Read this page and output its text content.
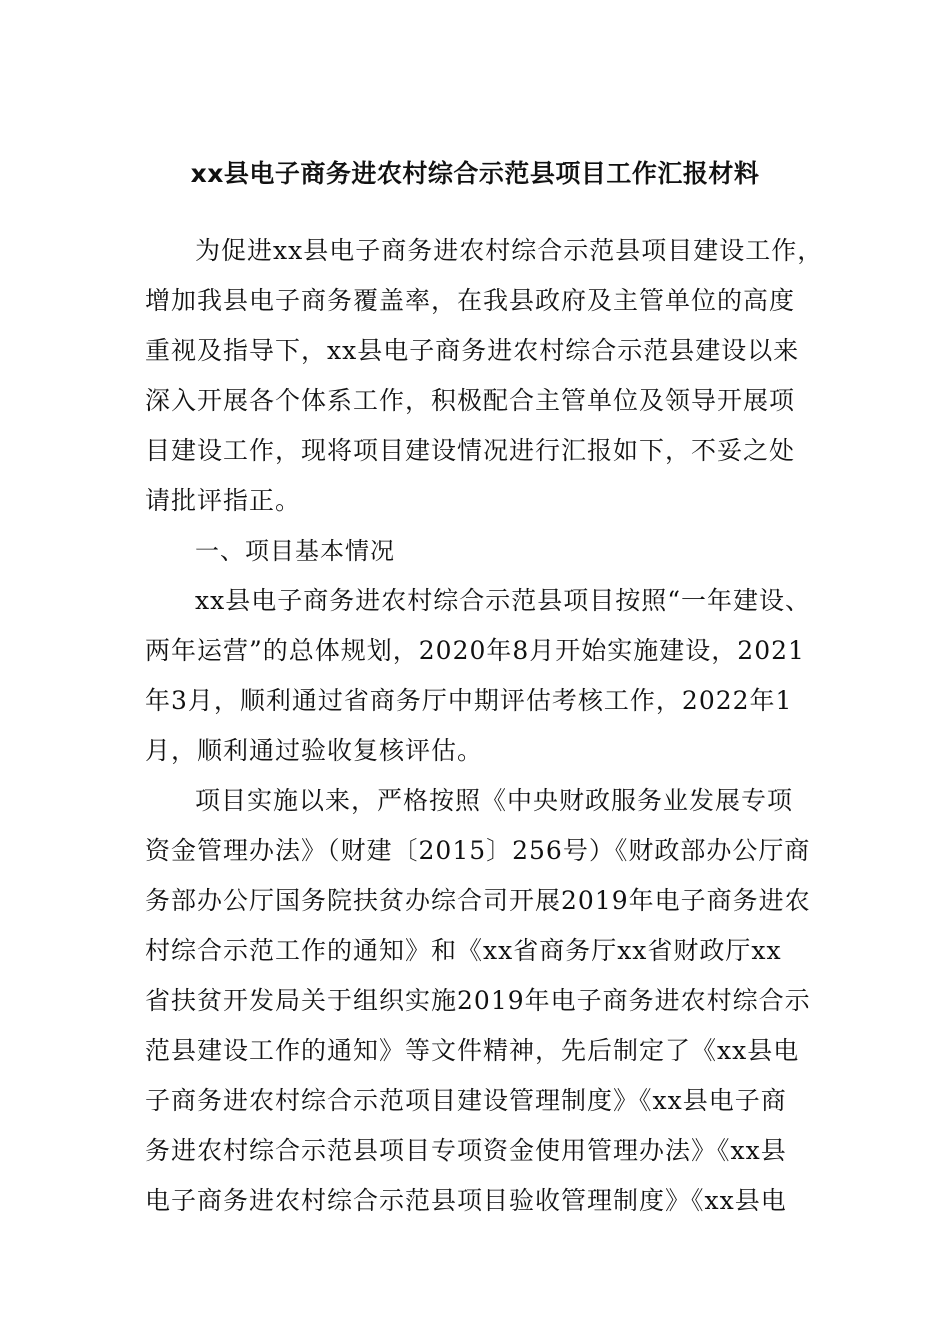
xx县电子商务进农村综合示范县项目工作汇报材料
为促进xx县电子商务进农村综合示范县项目建设工作，
增加我县电子商务覆盖率，在我县政府及主管单位的高度
重视及指导下，xx县电子商务进农村综合示范县建设以来
深入开展各个体系工作，积极配合主管单位及领导开展项
目建设工作，现将项目建设情况进行汇报如下，不妥之处
请批评指正。
一、项目基本情况
xx县电子商务进农村综合示范县项目按照“一年建设、
两年运营”的总体规划，2020年8月开始实施建设，2021
年3月，顺利通过省商务厅中期评估考核工作，2022年1
月，顺利通过验收复核评估。
项目实施以来，严格按照《中央财政服务业发展专项
资金管理办法》（财建〔2015〕256号）《财政部办公厅商
务部办公厅国务院扶贫办综合司开展2019年电子商务进农
村综合示范工作的通知》和《xx省商务厅xx省财政厅xx
省扶贫开发局关于组织实施2019年电子商务进农村综合示
范县建设工作的通知》等文件精神，先后制定了《xx县电
子商务进农村综合示范项目建设管理制度》《xx县电子商
务进农村综合示范县项目专项资金使用管理办法》《xx县
电子商务进农村综合示范县项目验收管理制度》《xx县电
